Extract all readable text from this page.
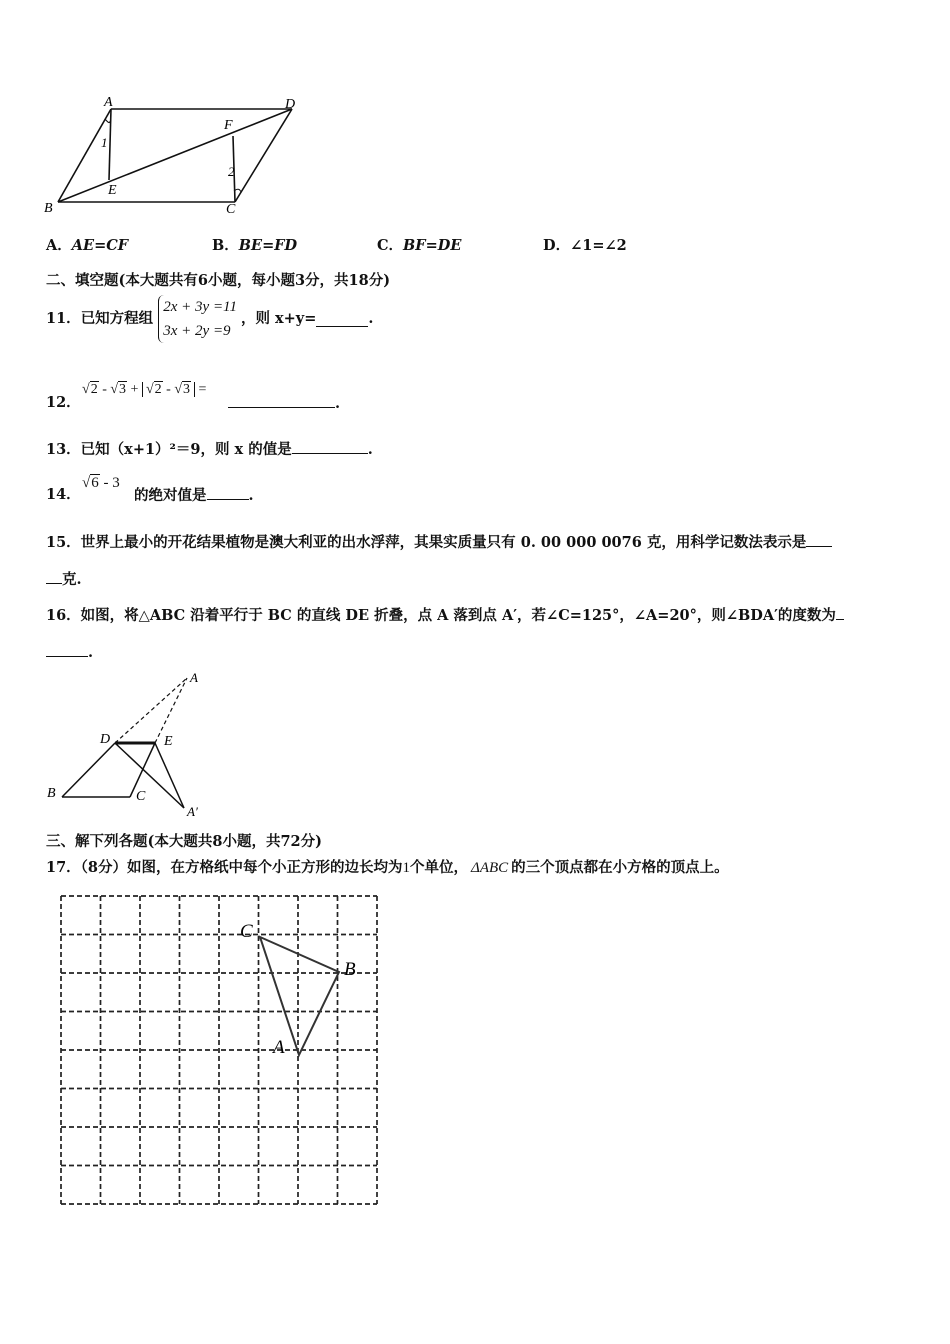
A	D
F
E
B	C
1
2
A．AE=CF	B．BE=FD	C．BF=DE	D．∠1=∠2
二、填空题(本大题共有6小题，每小题3分，共18分)
11．已知方程组
2x + 3y =11
3x + 2y =9
，则 x+y=	.
12．
√2 - √3 + √2 - √3 =
.
13．已知（x+1）²＝9，则 x 的值是	.
14．
√6 - 3
的绝对值是	.
15．世界上最小的开花结果植物是澳大利亚的出水浮萍，其果实质量只有 0. 00 000 0076 克，用科学记数法表示是
克.
16．如图，将△ABC 沿着平行于 BC 的直线 DE 折叠，点 A 落到点 A′，若∠C=125°，∠A=20°，则∠BDA′的度数为
.
A
D	E
B	C
A′
三、解下列各题(本大题共8小题，共72分)
17．（8分）如图，在方格纸中每个小正方形的边长均为1个单位， ΔABC 的三个顶点都在小方格的顶点上。
C
B
A
